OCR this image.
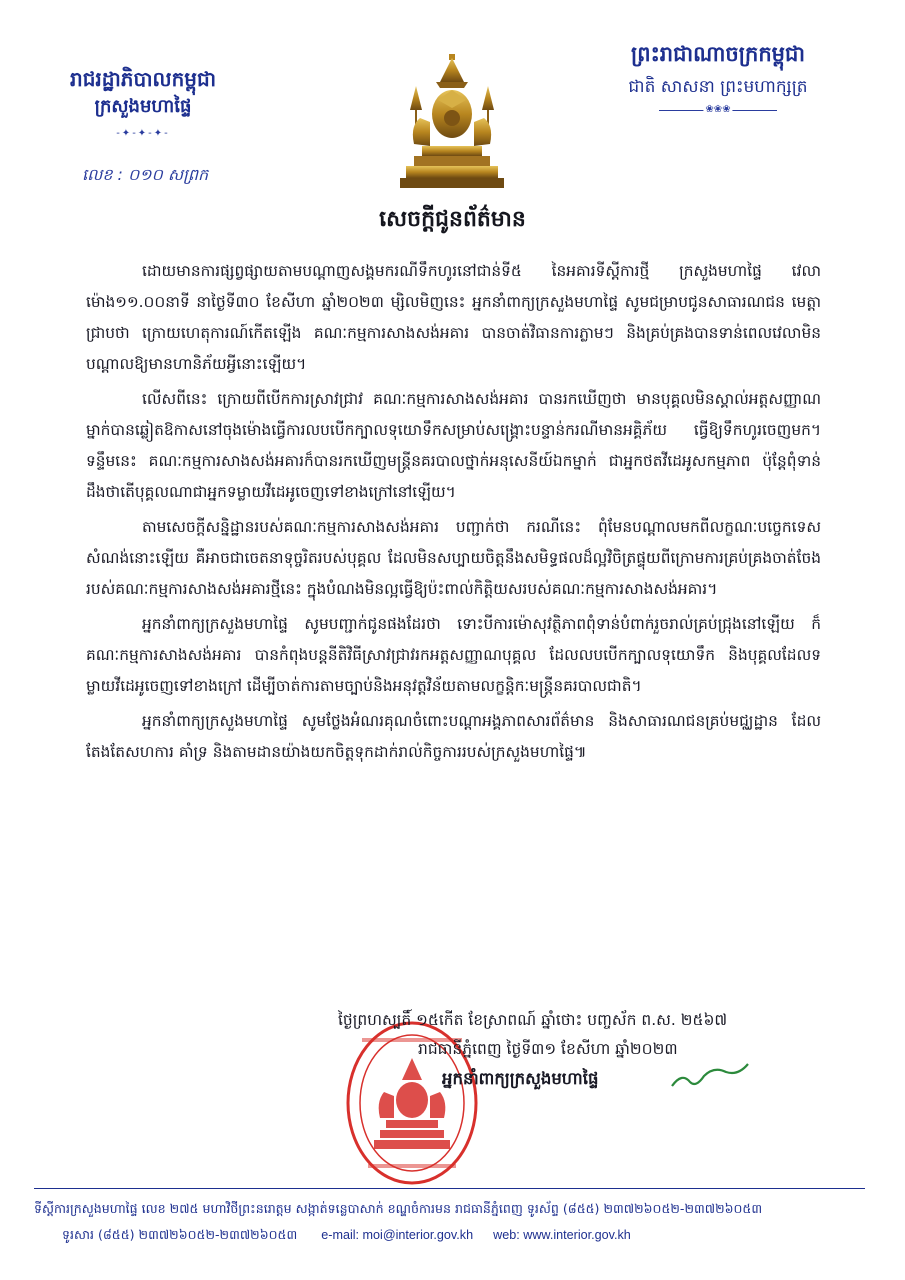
រាជរដ្ឋាភិបាលកម្ពុជា
ក្រសួងមហាផ្ទៃ
-✦-✦-✦-
លេខ : ០១០ សព្រក
ព្រះរាជាណាចក្រកម្ពុជា
ជាតិ សាសនា ព្រះមហាក្សត្រ
❀❀❀
សេចក្តីជូនព័ត៌មាន

ដោយមានការផ្សព្វផ្សាយតាមបណ្តាញសង្គមករណីទឹកហូរនៅជាន់ទី៥ នៃអគារទីស្តីការថ្មី ក្រសួងមហាផ្ទៃ វេលាម៉ោង១១.០០នាទី នាថ្ងៃទី៣០ ខែសីហា ឆ្នាំ២០២៣ ម្សិលមិញនេះ អ្នកនាំពាក្យក្រសួងមហាផ្ទៃ សូមជម្រាបជូនសាធារណជន មេត្តាជ្រាបថា ក្រោយហេតុការណ៍កើតឡើង គណៈកម្មការសាងសង់អគារ បានចាត់វិធានការភ្លាមៗ និងគ្រប់គ្រងបានទាន់ពេលវេលាមិនបណ្តាលឱ្យមានហានិភ័យអ្វីនោះឡើយ។

លើសពីនេះ ក្រោយពីបើកការស្រាវជ្រាវ គណៈកម្មការសាងសង់អគារ បានរកឃើញថា មានបុគ្គលមិនស្គាល់អត្តសញ្ញាណម្នាក់បានឆ្លៀតឱកាសនៅចុងម៉ោងធ្វើការលបបើកក្បាលទុយោទឹកសម្រាប់សង្គ្រោះបន្ទាន់ករណីមានអគ្គិភ័យ ធ្វើឱ្យទឹកហូរចេញមក។ ទន្ទឹមនេះ គណៈកម្មការសាងសង់អគារក៏បានរកឃើញមន្ត្រីនគរបាលថ្នាក់អនុសេនីយ៍ឯកម្នាក់ ជាអ្នកថតវីដេអូសកម្មភាព ប៉ុន្តែពុំទាន់ដឹងថាតើបុគ្គលណាជាអ្នកទម្លាយវីដេអូចេញទៅខាងក្រៅនៅឡើយ។

តាមសេចក្តីសន្និដ្ឋានរបស់គណៈកម្មការសាងសង់អគារ បញ្ជាក់ថា ករណីនេះ ពុំមែនបណ្តាលមកពីលក្ខណៈបច្ចេកទេសសំណង់នោះឡើយ គឺអាចជាចេតនាទុច្ចរិតរបស់បុគ្គល ដែលមិនសប្បាយចិត្តនឹងសមិទ្ធផលដ៏ល្អវិចិត្រផ្ទុយពីក្រោមការគ្រប់គ្រងចាត់ចែងរបស់គណៈកម្មការសាងសង់អគារថ្មីនេះ ក្នុងបំណងមិនល្អធ្វើឱ្យប៉ះពាល់កិត្តិយសរបស់គណៈកម្មការសាងសង់អគារ។

អ្នកនាំពាក្យក្រសួងមហាផ្ទៃ សូមបញ្ជាក់ជូនផងដែរថា ទោះបីការម៉ោសុវត្ថិភាពពុំទាន់បំពាក់រួចរាល់គ្រប់ជ្រុងនៅឡើយ ក៏គណៈកម្មការសាងសង់អគារ បានកំពុងបន្តនីតិវិធីស្រាវជ្រាវរកអត្តសញ្ញាណបុគ្គល ដែលលបបើកក្បាលទុយោទឹក និងបុគ្គលដែលទម្លាយវីដេអូចេញទៅខាងក្រៅ ដើម្បីចាត់ការតាមច្បាប់និងអនុវត្តវិន័យតាមលក្ខន្តិកៈមន្ត្រីនគរបាលជាតិ។

អ្នកនាំពាក្យក្រសួងមហាផ្ទៃ សូមថ្លែងអំណរគុណចំពោះបណ្តាអង្គភាពសារព័ត៌មាន និងសាធារណជនគ្រប់មជ្ឈដ្ឋាន ដែលតែងតែសហការ គាំទ្រ និងតាមដានយ៉ាងយកចិត្តទុកដាក់រាល់កិច្ចការរបស់ក្រសួងមហាផ្ទៃ៕

ថ្ងៃព្រហស្បតិ៍ ១៥កើត ខែស្រាពណ៍ ឆ្នាំថោះ បញ្ចស័ក ព.ស. ២៥៦៧
រាជធានីភ្នំពេញ ថ្ងៃទី៣១ ខែសីហា ឆ្នាំ២០២៣
អ្នកនាំពាក្យក្រសួងមហាផ្ទៃ
ទីស្តីការក្រសួងមហាផ្ទៃ លេខ ២៧៥ មហាវិថីព្រះនរោត្តម សង្កាត់ទន្លេបាសាក់ ខណ្ឌចំការមន រាជធានីភ្នំពេញ ទូរស័ព្ទ (៨៥៥) ២៣៧២៦០៥២-២៣៧២៦០៥៣
ទូរសារ (៨៥៥) ២៣៧២៦០៥២-២៣៧២៦០៥៣ e-mail: moi@interior.gov.kh web: www.interior.gov.kh
